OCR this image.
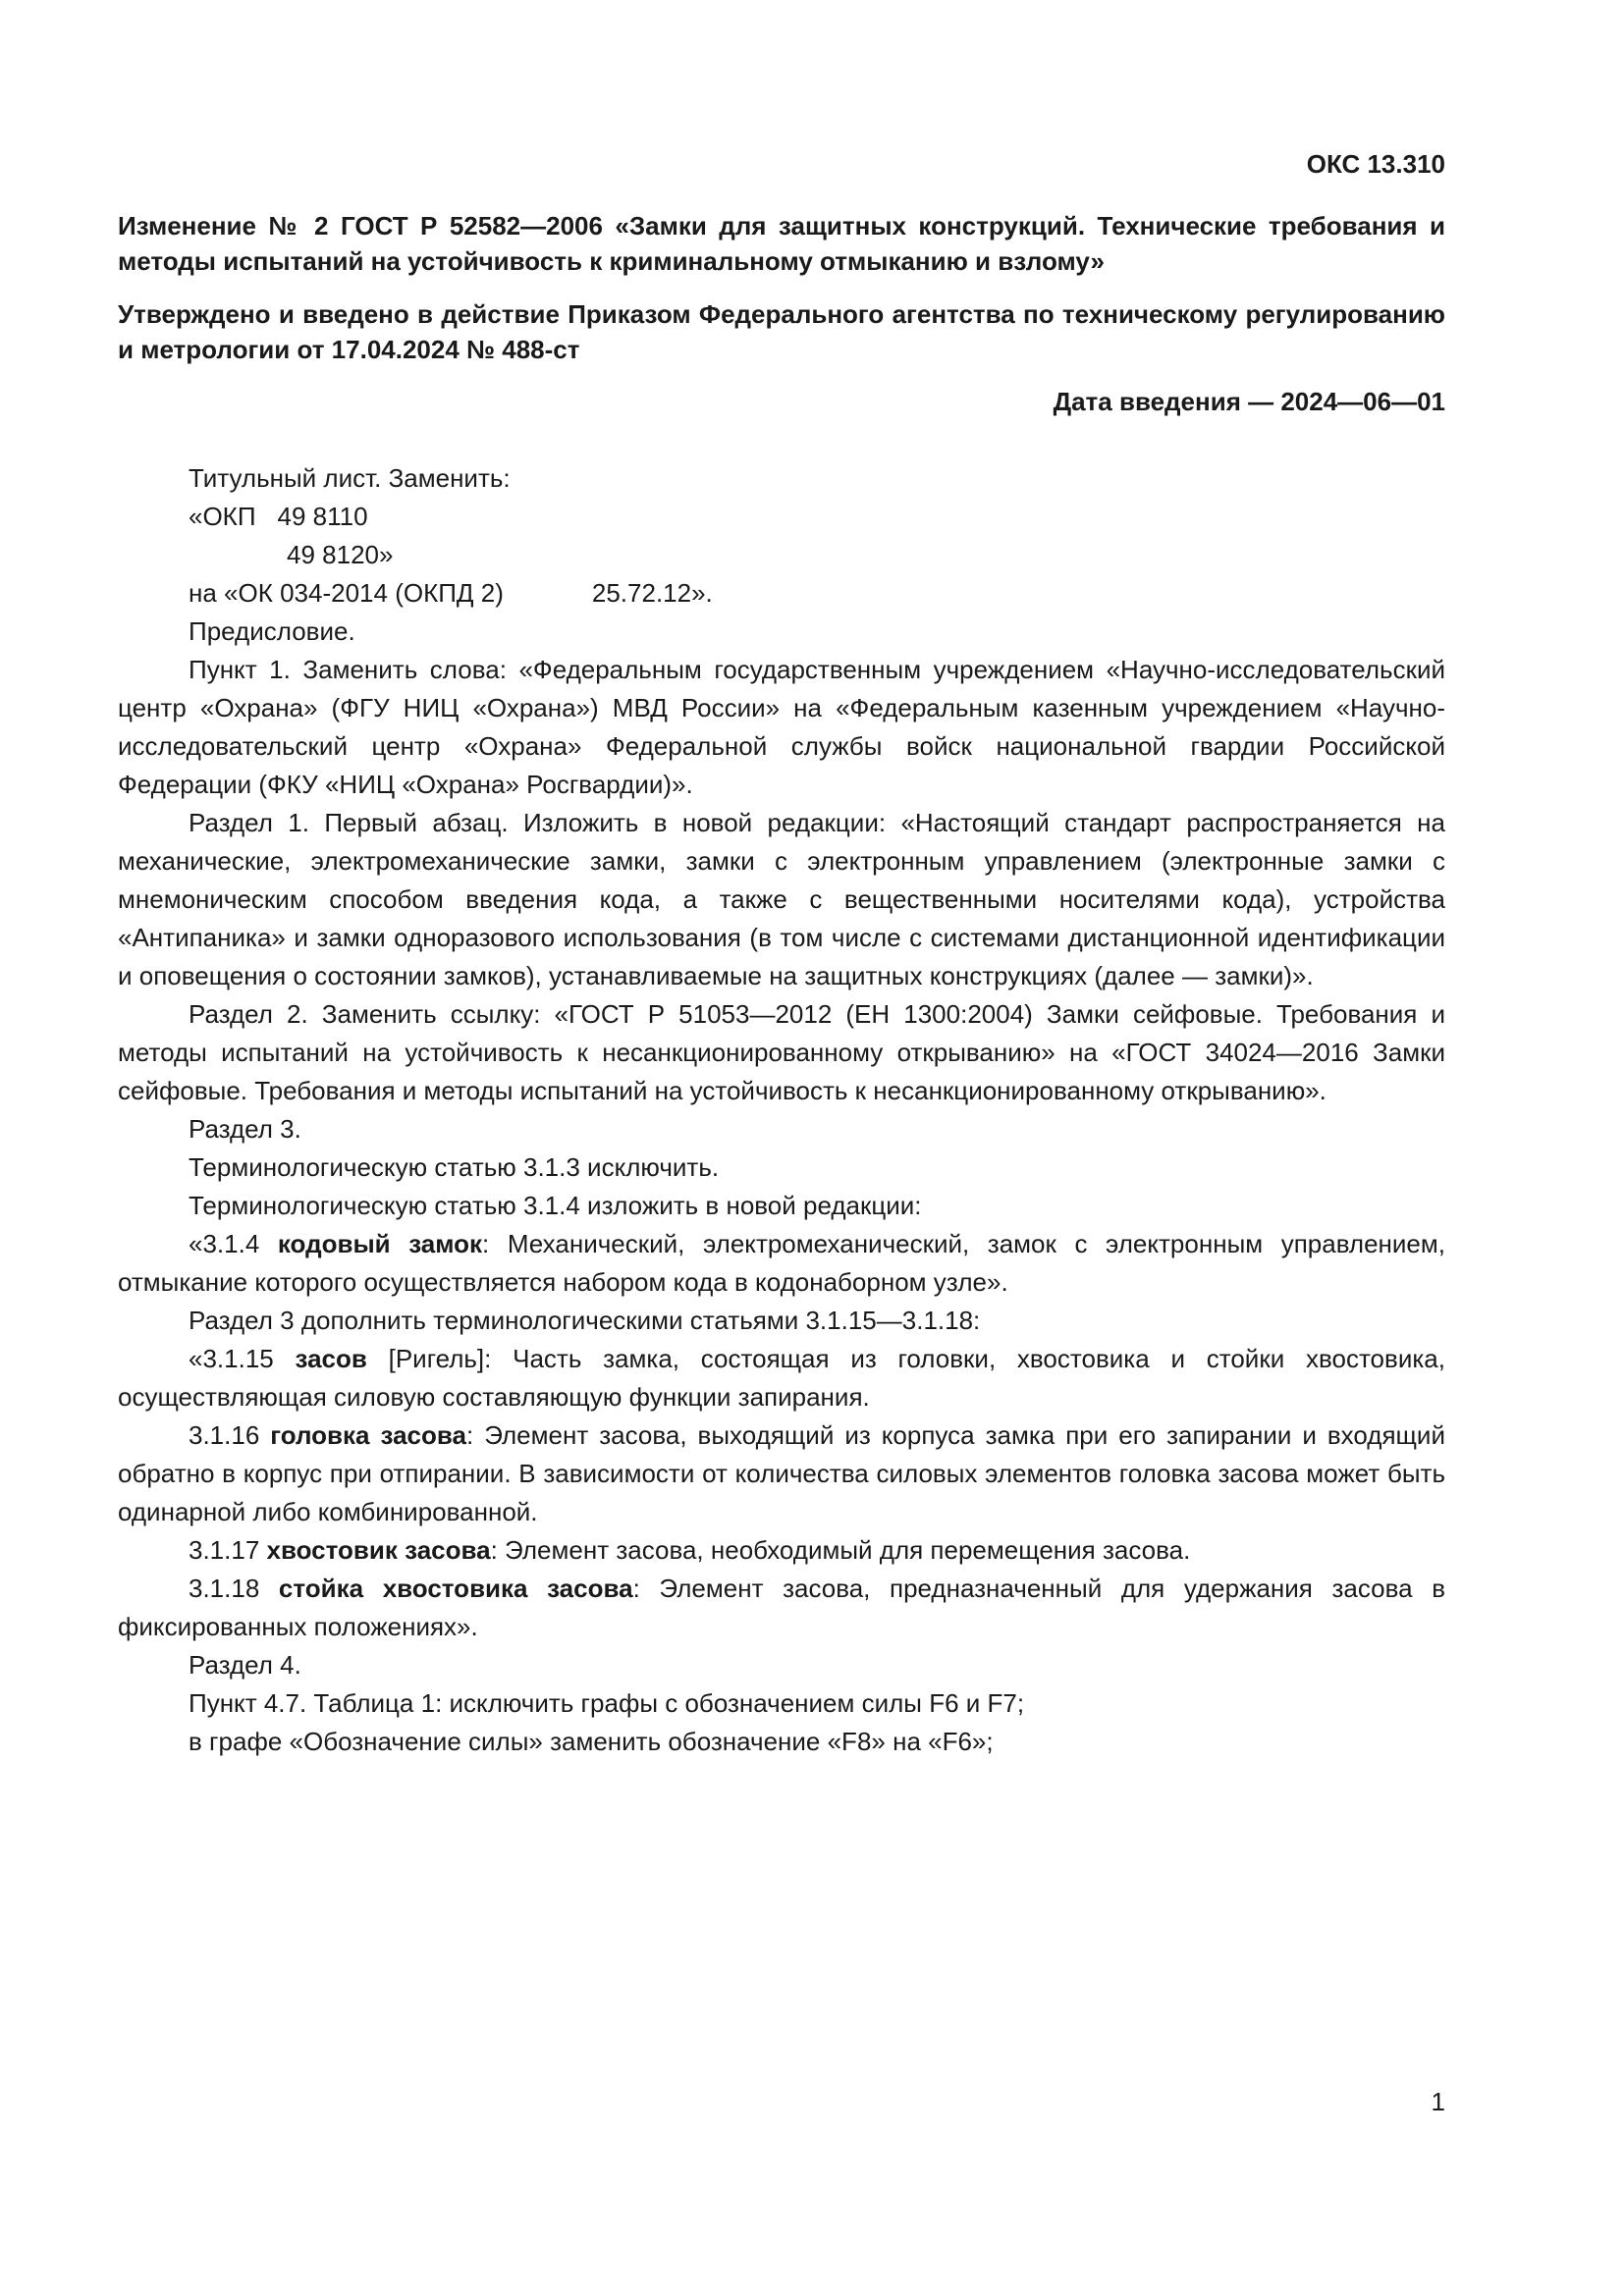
ОКС 13.310

Изменение № 2 ГОСТ Р 52582—2006 «Замки для защитных конструкций. Технические требования и методы испытаний на устойчивость к криминальному отмыканию и взлому»

Утверждено и введено в действие Приказом Федерального агентства по техническому регулированию и метрологии от 17.04.2024 № 488-ст

Дата введения — 2024—06—01

Титульный лист. Заменить:

«ОКП 49 8110

49 8120»

на «ОК 034-2014 (ОКПД 2)	25.72.12».

Предисловие.

Пункт 1. Заменить слова: «Федеральным государственным учреждением «Научно-исследовательский центр «Охрана» (ФГУ НИЦ «Охрана») МВД России» на «Федеральным казенным учреждением «Научно-исследовательский центр «Охрана» Федеральной службы войск национальной гвардии Российской Федерации (ФКУ «НИЦ «Охрана» Росгвардии)».

Раздел 1. Первый абзац. Изложить в новой редакции: «Настоящий стандарт распространяется на механические, электромеханические замки, замки с электронным управлением (электронные замки с мнемоническим способом введения кода, а также с вещественными носителями кода), устройства «Антипаника» и замки одноразового использования (в том числе с системами дистанционной идентификации и оповещения о состоянии замков), устанавливаемые на защитных конструкциях (далее — замки)».

Раздел 2. Заменить ссылку: «ГОСТ Р 51053—2012 (ЕН 1300:2004) Замки сейфовые. Требования и методы испытаний на устойчивость к несанкционированному открыванию» на «ГОСТ 34024—2016 Замки сейфовые. Требования и методы испытаний на устойчивость к несанкционированному открыванию».

Раздел 3.

Терминологическую статью 3.1.3 исключить.

Терминологическую статью 3.1.4 изложить в новой редакции:

«3.1.4 кодовый замок: Механический, электромеханический, замок с электронным управлением, отмыкание которого осуществляется набором кода в кодонаборном узле».

Раздел 3 дополнить терминологическими статьями 3.1.15—3.1.18:

«3.1.15 засов [Ригель]: Часть замка, состоящая из головки, хвостовика и стойки хвостовика, осуществляющая силовую составляющую функции запирания.

3.1.16 головка засова: Элемент засова, выходящий из корпуса замка при его запирании и входящий обратно в корпус при отпирании. В зависимости от количества силовых элементов головка засова может быть одинарной либо комбинированной.

3.1.17 хвостовик засова: Элемент засова, необходимый для перемещения засова.

3.1.18 стойка хвостовика засова: Элемент засова, предназначенный для удержания засова в фиксированных положениях».

Раздел 4.

Пункт 4.7. Таблица 1: исключить графы с обозначением силы F6 и F7;

в графе «Обозначение силы» заменить обозначение «F8» на «F6»;

1
